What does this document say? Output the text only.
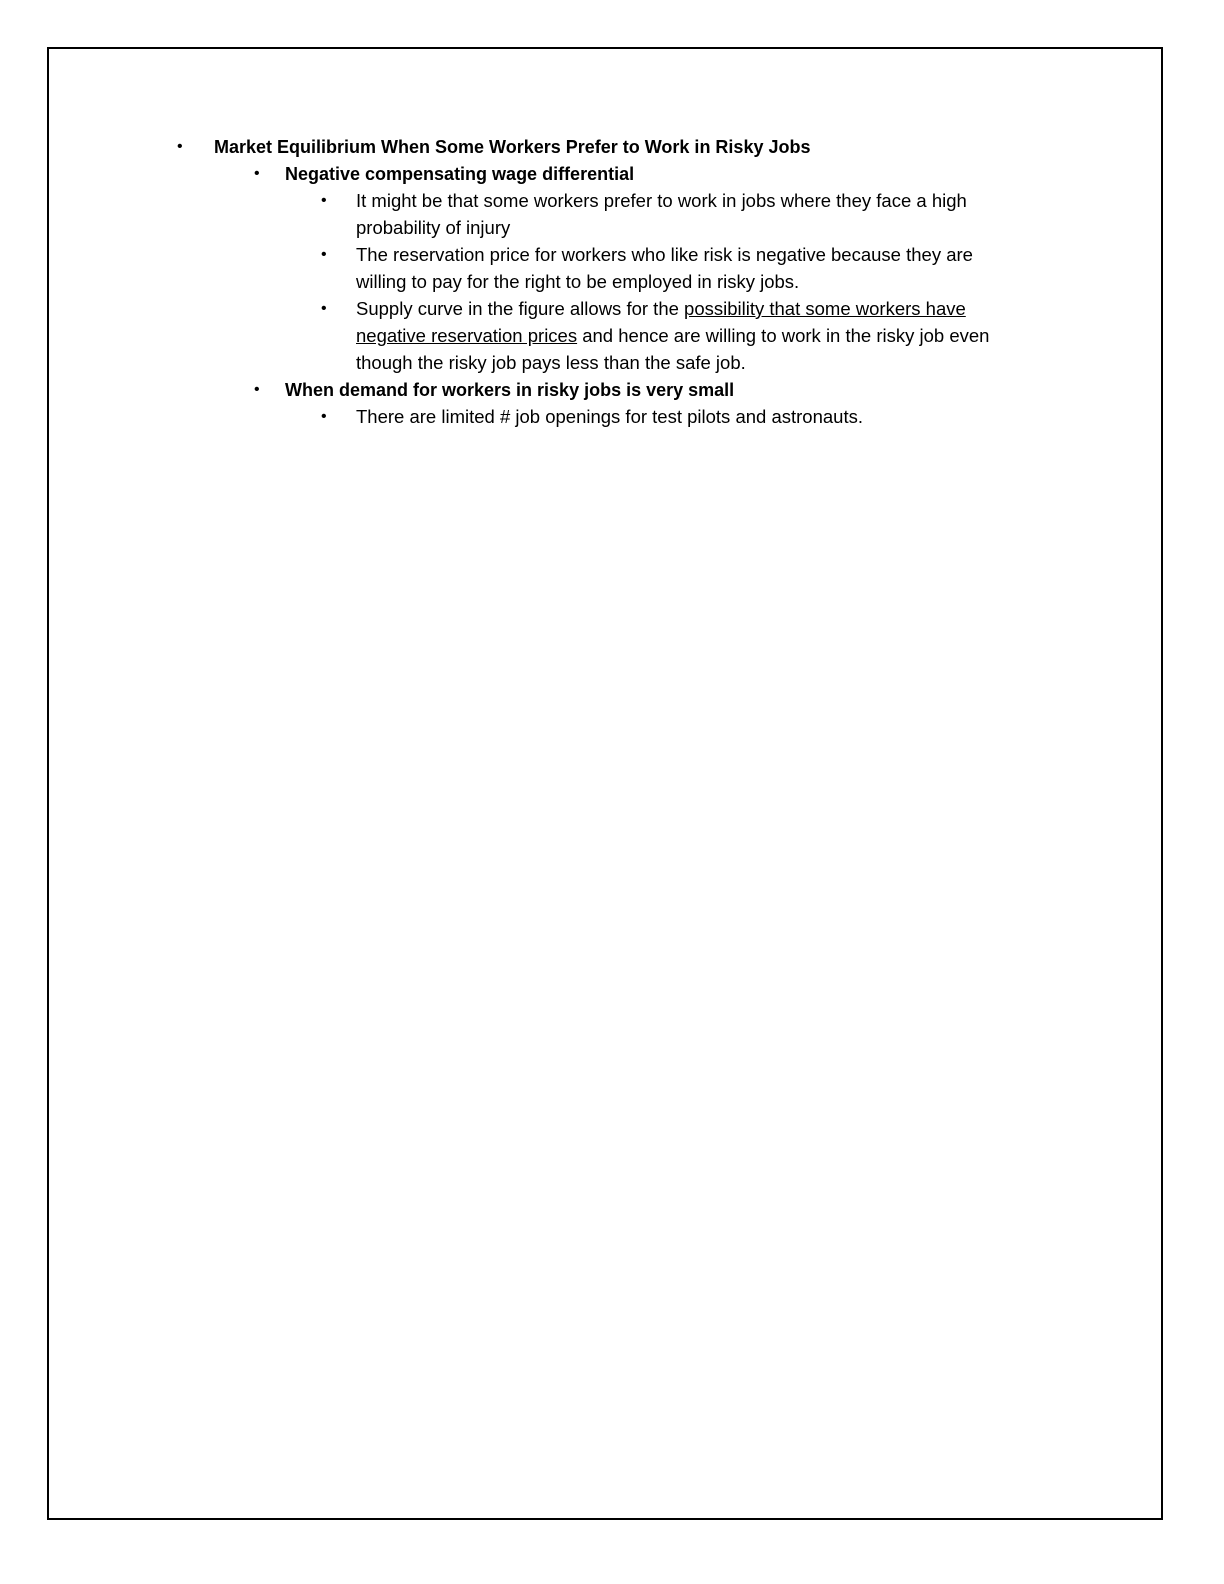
• Market Equilibrium When Some Workers Prefer to Work in Risky Jobs
• Negative compensating wage differential
• It might be that some workers prefer to work in jobs where they face a high
probability of injury
• The reservation price for workers who like risk is negative because they are
willing to pay for the right to be employed in risky jobs.
• Supply curve in the figure allows for the possibility that some workers have
negative reservation prices and hence are willing to work in the risky job even
though the risky job pays less than the safe job.
• When demand for workers in risky jobs is very small
• There are limited # job openings for test pilots and astronauts.
